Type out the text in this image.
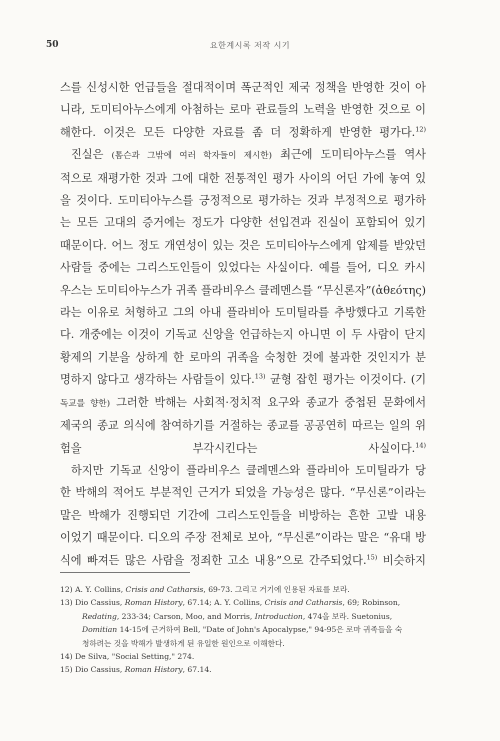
50	요한계시록 저작 시기
스를 신성시한 언급들을 절대적이며 폭군적인 제국 정책을 반영한 것이 아
니라, 도미티아누스에게 아첨하는 로마 관료들의 노력을 반영한 것으로 이
해한다. 이것은 모든 다양한 자료를 좀 더 정확하게 반영한 평가다.$^{12)}$
진실은 (톰슨과 그밖에 여러 학자들이 제시한) 최근에 도미티아누스를 역사
적으로 재평가한 것과 그에 대한 전통적인 평가 사이의 어딘 가에 놓여 있
을 것이다. 도미티아누스를 긍정적으로 평가하는 것과 부정적으로 평가하
는 모든 고대의 증거에는 정도가 다양한 선입견과 진실이 포함되어 있기
때문이다. 어느 정도 개연성이 있는 것은 도미티아누스에게 압제를 받았던
사람들 중에는 그리스도인들이 있었다는 사실이다. 예를 들어, 디오 카시
우스는 도미티아누스가 귀족 플라비우스 클레멘스를 “무신론자”(ἀθεότης)
라는 이유로 처형하고 그의 아내 플라비아 도미틸라를 추방했다고 기록한
다. 개중에는 이것이 기독교 신앙을 언급하는지 아니면 이 두 사람이 단지
황제의 기분을 상하게 한 로마의 귀족을 숙청한 것에 불과한 것인지가 분
명하지 않다고 생각하는 사람들이 있다.$^{13)}$ 균형 잡힌 평가는 이것이다. (기
독교를 향한) 그러한 박해는 사회적·정치적 요구와 종교가 중첩된 문화에서
제국의 종교 의식에 참여하기를 거절하는 종교를 공공연히 따르는 일의 위
험을 부각시킨다는 사실이다.$^{14)}$
하지만 기독교 신앙이 플라비우스 클레멘스와 플라비아 도미틸라가 당
한 박해의 적어도 부분적인 근거가 되었을 가능성은 많다. “무신론”이라는
말은 박해가 진행되던 기간에 그리스도인들을 비방하는 흔한 고발 내용
이었기 때문이다. 디오의 주장 전체로 보아, “무신론”이라는 말은 “유대 방
식에 빠져든 많은 사람을 정죄한 고소 내용”으로 간주되었다.$^{15)}$ 비슷하지
12) A. Y. Collins, Crisis and Catharsis, 69-73. 그리고 거기에 인용된 자료를 보라.
13) Dio Cassius, Roman History, 67.14; A. Y. Collins, Crisis and Catharsis, 69; Robinson,
Redating, 233-34; Carson, Moo, and Morris, Introduction, 474을 보라. Suetonius,
Domitian 14-15에 근거하여 Bell, "Date of John's Apocalypse," 94-95은 로마 귀족들을 숙
청하려는 것을 박해가 발생하게 된 유일한 원인으로 이해한다.
14) De Silva, "Social Setting," 274.
15) Dio Cassius, Roman History, 67.14.
